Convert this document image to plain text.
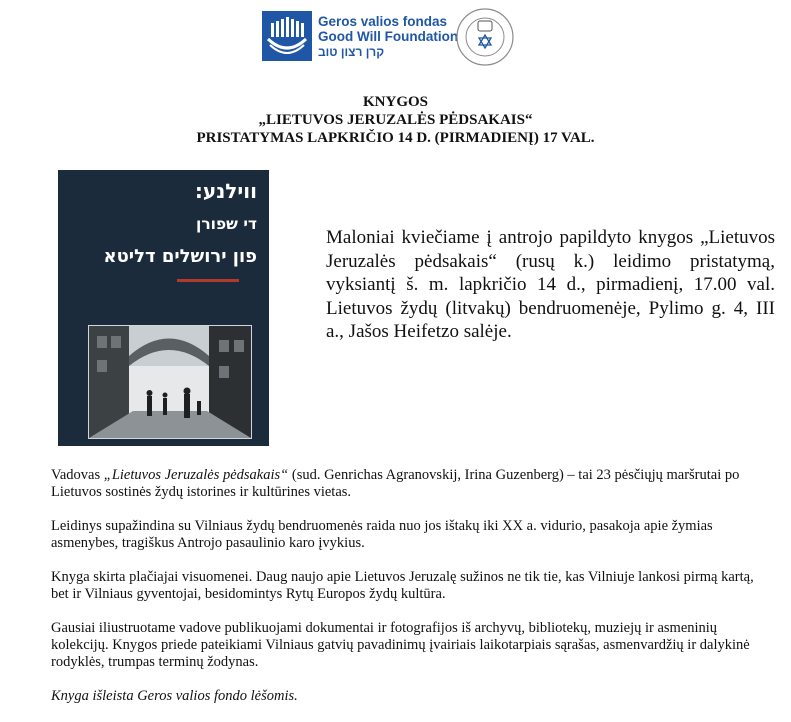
Geros valios fondas
Good Will Foundation
קרן רצון טוב
KNYGOS
„LIETUVOS JERUZALĖS PĖDSAKAIS“
PRISTATYMAS LAPKRIČIO 14 D. (PIRMADIENĮ) 17 VAL.
ווילנע:
די שפורן
פון ירושלים דליטא
Maloniai kviečiame į antrojo papildyto knygos „Lietuvos Jeruzalės pėdsakais“ (rusų k.) leidimo pristatymą, vyksiantį š. m. lapkričio 14 d., pirmadienį, 17.00 val. Lietuvos žydų (litvakų) bendruomenėje, Pylimo g. 4, III a., Jašos Heifetzo salėje.

Vadovas „Lietuvos Jeruzalės pėdsakais“ (sud. Genrichas Agranovskij, Irina Guzenberg) – tai 23 pėsčiųjų maršrutai po Lietuvos sostinės žydų istorines ir kultūrines vietas.

Leidinys supažindina su Vilniaus žydų bendruomenės raida nuo jos ištakų iki XX a. vidurio, pasakoja apie žymias asmenybes, tragiškus Antrojo pasaulinio karo įvykius.

Knyga skirta plačiajai visuomenei. Daug naujo apie Lietuvos Jeruzalę sužinos ne tik tie, kas Vilniuje lankosi pirmą kartą, bet ir Vilniaus gyventojai, besidomintys Rytų Europos žydų kultūra.

Gausiai iliustruotame vadove publikuojami dokumentai ir fotografijos iš archyvų, bibliotekų, muziejų ir asmeninių kolekcijų. Knygos priede pateikiami Vilniaus gatvių pavadinimų įvairiais laikotarpiais sąrašas, asmenvardžių ir dalykinė rodyklės, trumpas terminų žodynas.

Knyga išleista Geros valios fondo lėšomis.
